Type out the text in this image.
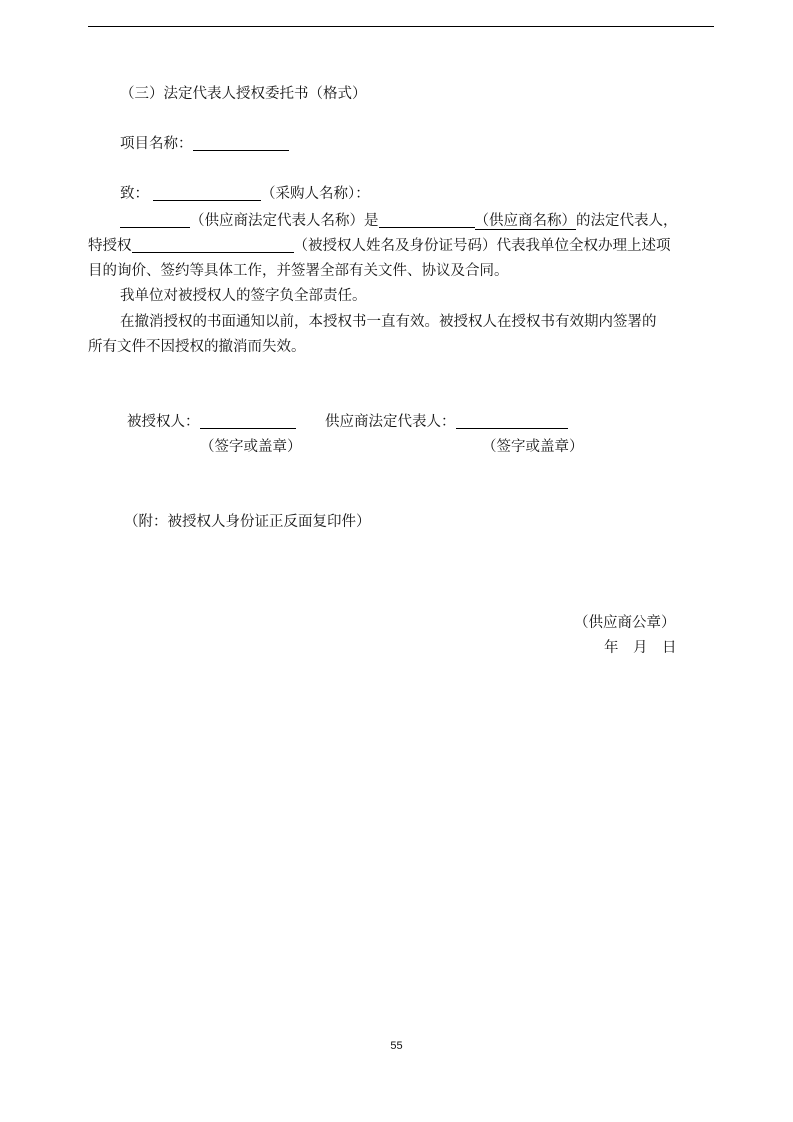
（三）法定代表人授权委托书（格式）
项目名称：
致：	（采购人名称）：
（供应商法定代表人名称）是	（供应商名称）的法定代表人，
特授权	（被授权人姓名及身份证号码）代表我单位全权办理上述项
目的询价、签约等具体工作，并签署全部有关文件、协议及合同。
我单位对被授权人的签字负全部责任。
在撤消授权的书面通知以前，本授权书一直有效。被授权人在授权书有效期内签署的
所有文件不因授权的撤消而失效。
被授权人：	供应商法定代表人：
（签字或盖章）	（签字或盖章）
（附：被授权人身份证正反面复印件）
（供应商公章）
年　月　日
55
